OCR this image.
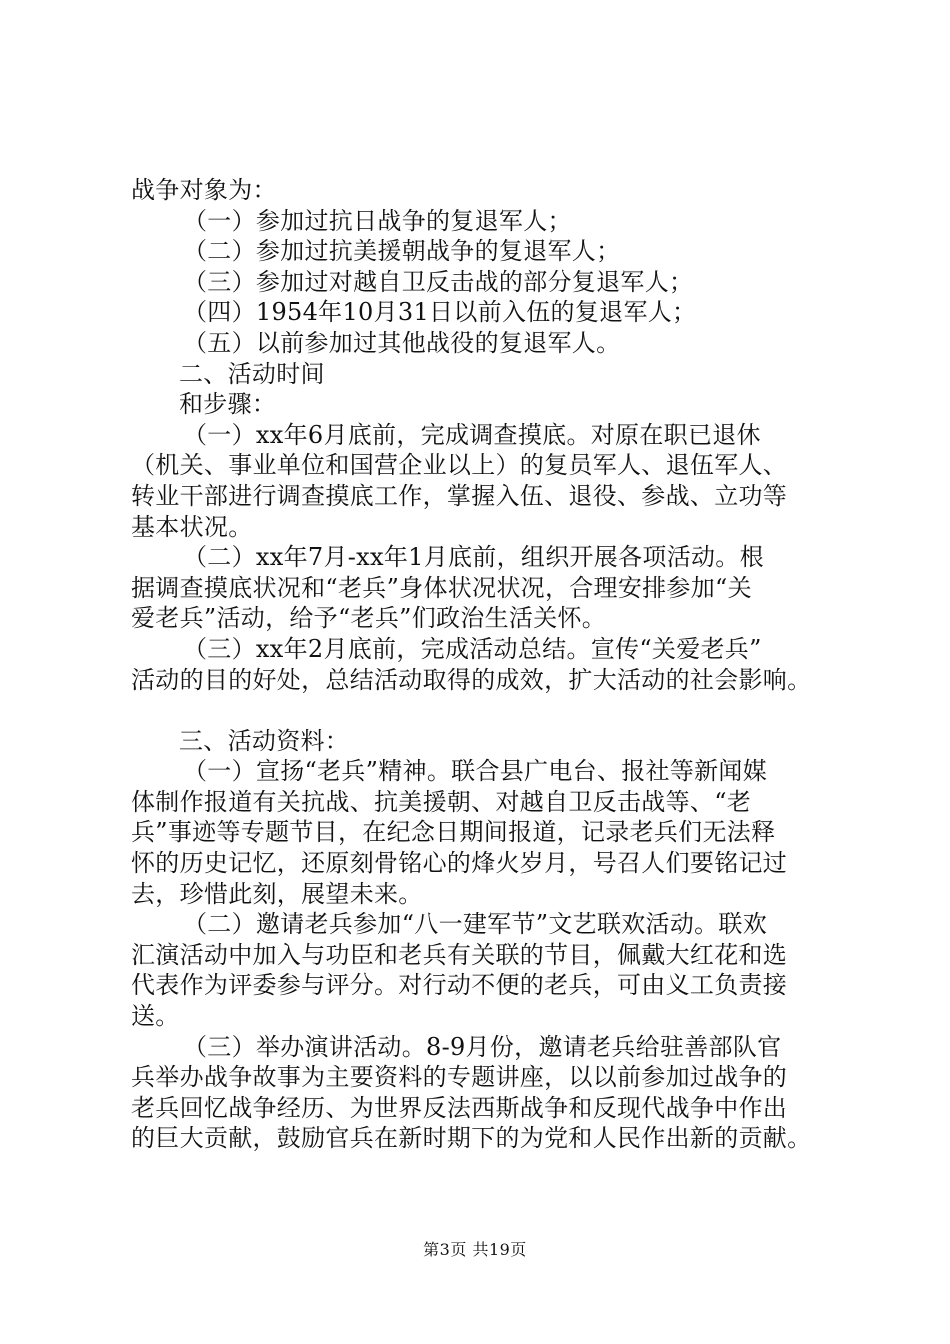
战争对象为：
（一）参加过抗日战争的复退军人；
（二）参加过抗美援朝战争的复退军人；
（三）参加过对越自卫反击战的部分复退军人；
（四）1954年10月31日以前入伍的复退军人；
（五）以前参加过其他战役的复退军人。
二、活动时间
和步骤：
（一）xx年6月底前，完成调查摸底。对原在职已退休
（机关、事业单位和国营企业以上）的复员军人、退伍军人、
转业干部进行调查摸底工作，掌握入伍、退役、参战、立功等
基本状况。
（二）xx年7月-xx年1月底前，组织开展各项活动。根
据调查摸底状况和“老兵”身体状况状况，合理安排参加“关
爱老兵”活动，给予“老兵”们政治生活关怀。
（三）xx年2月底前，完成活动总结。宣传“关爱老兵”
活动的目的好处，总结活动取得的成效，扩大活动的社会影响。
三、活动资料：
（一）宣扬“老兵”精神。联合县广电台、报社等新闻媒
体制作报道有关抗战、抗美援朝、对越自卫反击战等、“老
兵”事迹等专题节目，在纪念日期间报道，记录老兵们无法释
怀的历史记忆，还原刻骨铭心的烽火岁月，号召人们要铭记过
去，珍惜此刻，展望未来。
（二）邀请老兵参加“八一建军节”文艺联欢活动。联欢
汇演活动中加入与功臣和老兵有关联的节目，佩戴大红花和选
代表作为评委参与评分。对行动不便的老兵，可由义工负责接
送。
（三）举办演讲活动。8-9月份，邀请老兵给驻善部队官
兵举办战争故事为主要资料的专题讲座，以以前参加过战争的
老兵回忆战争经历、为世界反法西斯战争和反现代战争中作出
的巨大贡献，鼓励官兵在新时期下的为党和人民作出新的贡献。
第3页 共19页
